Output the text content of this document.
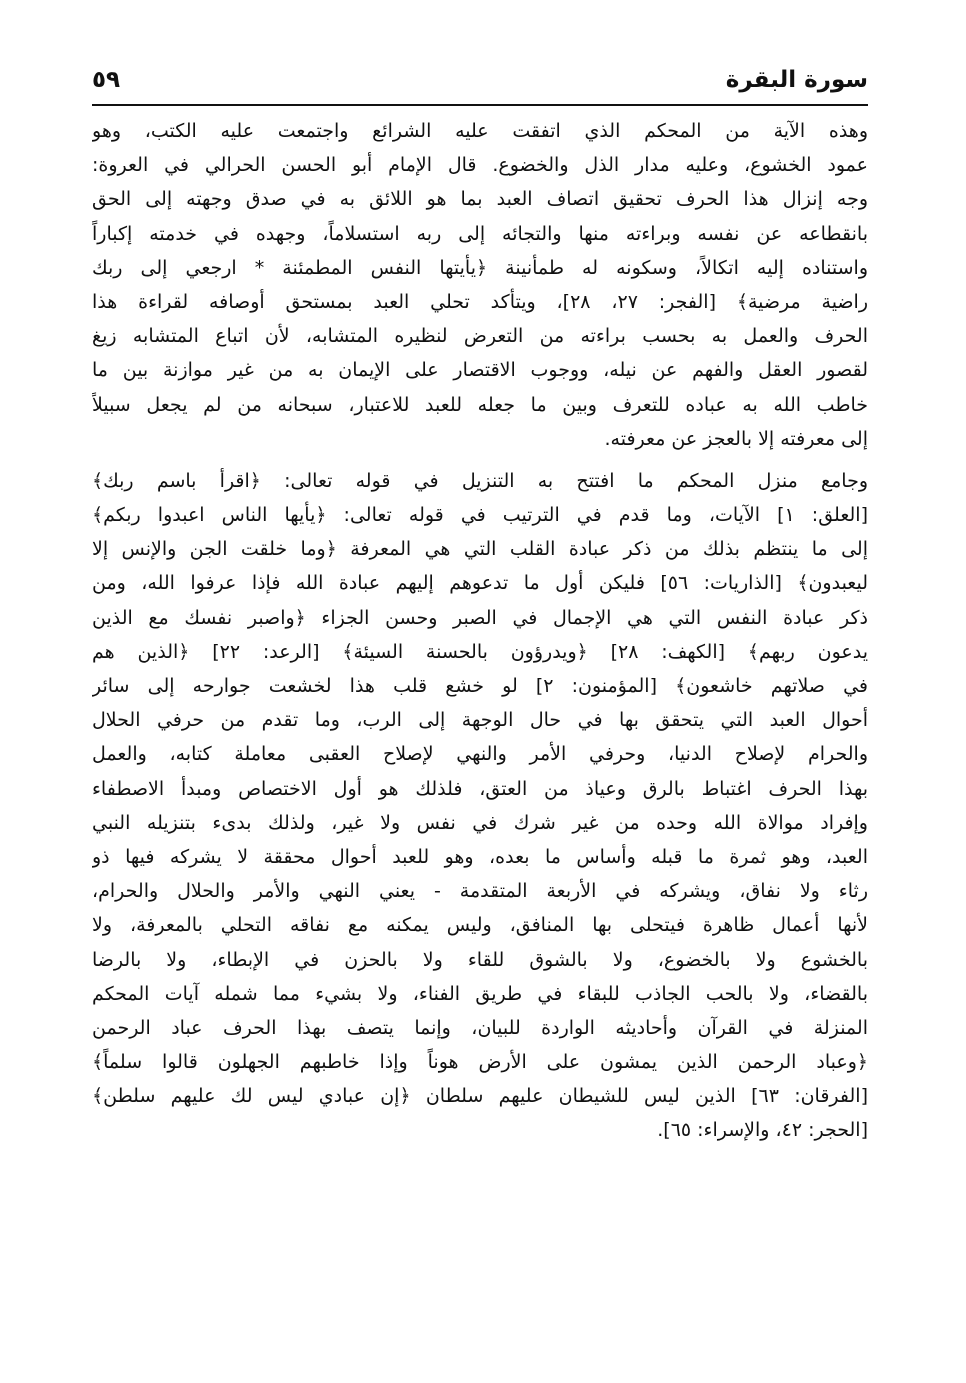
سورة البقرة
٥٩
وهذه الآية من المحكم الذي اتفقت عليه الشرائع واجتمعت عليه الكتب، وهو
عمود الخشوع، وعليه مدار الذل والخضوع. قال الإمام أبو الحسن الحرالي في العروة:
وجه إنزال هذا الحرف تحقيق اتصاف العبد بما هو اللائق به في صدق وجهته إلى الحق
بانقطاعه عن نفسه وبراءته منها والتجائه إلى ربه استسلاماً، وجهده في خدمته إكباراً
واستناده إليه اتكالاً، وسكونه له طمأنينة ﴿يأيتها النفس المطمئنة * ارجعي إلى ربك
راضية مرضية﴾ [الفجر: ٢٧، ٢٨]، ويتأكد تحلي العبد بمستحق أوصافه لقراءة هذا
الحرف والعمل به بحسب براءته من التعرض لنظيره المتشابه، لأن اتباع المتشابه زيغ
لقصور العقل والفهم عن نيله، ووجوب الاقتصار على الإيمان به من غير موازنة بين ما
خاطب الله به عباده للتعرف وبين ما جعله للعبد للاعتبار، سبحانه من لم يجعل سبيلاً
إلى معرفته إلا بالعجز عن معرفته.
وجامع منزل المحكم ما افتتح به التنزيل في قوله تعالى: ﴿اقرأ باسم ربك﴾
[العلق: ١] الآيات، وما قدم في الترتيب في قوله تعالى: ﴿يأيها الناس اعبدوا ربكم﴾
إلى ما ينتظم بذلك من ذكر عبادة القلب التي هي المعرفة ﴿وما خلقت الجن والإنس إلا
ليعبدون﴾ [الذاريات: ٥٦] فليكن أول ما تدعوهم إليهم عبادة الله فإذا عرفوا الله، ومن
ذكر عبادة النفس التي هي الإجمال في الصبر وحسن الجزاء ﴿واصبر نفسك مع الذين
يدعون ربهم﴾ [الكهف: ٢٨] ﴿ويدرؤون بالحسنة السيئة﴾ [الرعد: ٢٢] ﴿الذين هم
في صلاتهم خاشعون﴾ [المؤمنون: ٢] لو خشع قلب هذا لخشعت جوارحه إلى سائر
أحوال العبد التي يتحقق بها في حال الوجهة إلى الرب، وما تقدم من حرفي الحلال
والحرام لإصلاح الدنيا، وحرفي الأمر والنهي لإصلاح العقبى معاملة كتابه، والعمل
بهذا الحرف اغتباط بالرق وعياذ من العتق، فلذلك هو أول الاختصاص ومبدأ الاصطفاء
وإفراد موالاة الله وحده من غير شرك في نفس ولا غير، ولذلك بدىء بتنزيله النبي
العبد، وهو ثمرة ما قبله وأساس ما بعده، وهو للعبد أحوال محققة لا يشركه فيها ذو
رثاء ولا نفاق، ويشركه في الأربعة المتقدمة - يعني النهي والأمر والحلال والحرام،
لأنها أعمال ظاهرة فيتحلى بها المنافق، وليس يمكنه مع نفاقه التحلي بالمعرفة، ولا
بالخشوع ولا بالخضوع، ولا بالشوق للقاء ولا بالحزن في الإبطاء، ولا بالرضا
بالقضاء، ولا بالحب الجاذب للبقاء في طريق الفناء، ولا بشيء مما شمله آيات المحكم
المنزلة في القرآن وأحاديثه الواردة للبيان، وإنما يتصف بهذا الحرف عباد الرحمن
﴿وعباد الرحمن الذين يمشون على الأرض هوناً وإذا خاطبهم الجهلون قالوا سلماً﴾
[الفرقان: ٦٣] الذين ليس للشيطان عليهم سلطان ﴿إن عبادي ليس لك عليهم سلطن﴾
[الحجر: ٤٢، والإسراء: ٦٥].
